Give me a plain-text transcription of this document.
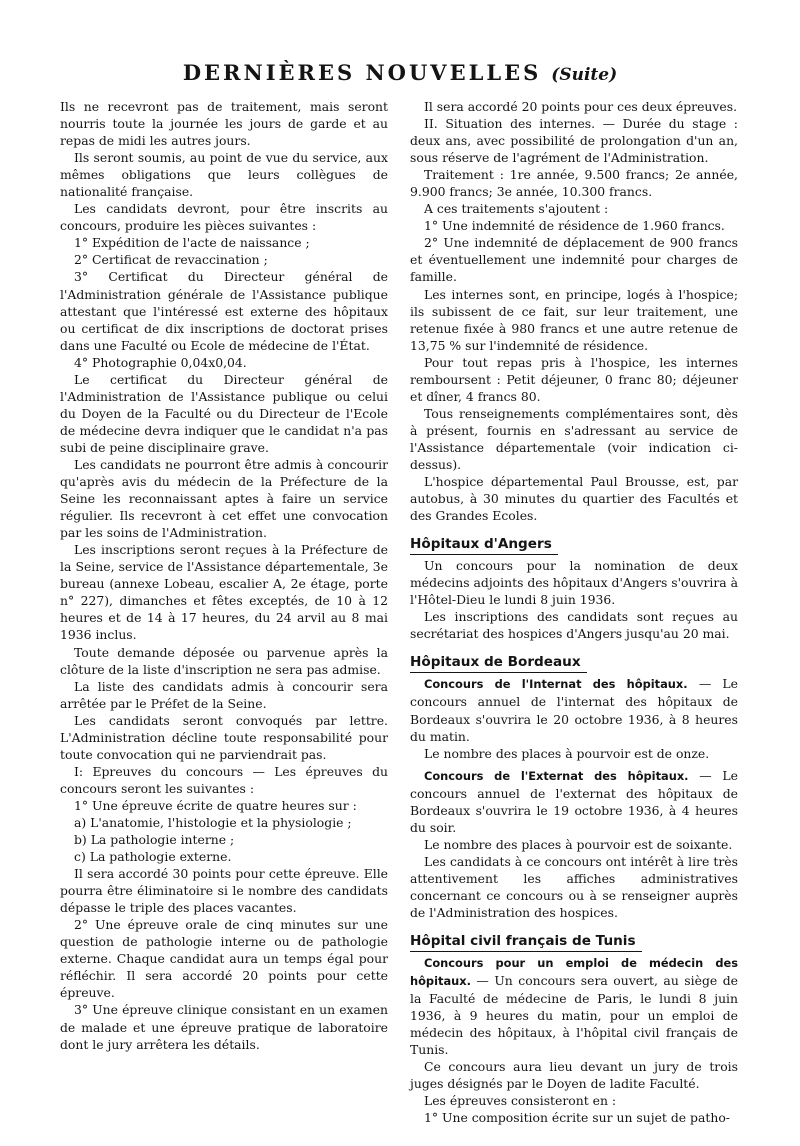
DERNIÈRES NOUVELLES (Suite)

Ils ne recevront pas de traitement, mais seront nourris toute la journée les jours de garde et au repas de midi les autres jours.

Ils seront soumis, au point de vue du service, aux mêmes obligations que leurs collègues de nationalité française.

Les candidats devront, pour être inscrits au concours, produire les pièces suivantes :

1° Expédition de l'acte de naissance ;

2° Certificat de revaccination ;

3° Certificat du Directeur général de l'Administration générale de l'Assistance publique attestant que l'intéressé est externe des hôpitaux ou certificat de dix inscriptions de doctorat prises dans une Faculté ou Ecole de médecine de l'État.

4° Photographie 0,04x0,04.

Le certificat du Directeur général de l'Administration de l'Assistance publique ou celui du Doyen de la Faculté ou du Directeur de l'Ecole de médecine devra indiquer que le candidat n'a pas subi de peine disciplinaire grave.

Les candidats ne pourront être admis à concourir qu'après avis du médecin de la Préfecture de la Seine les reconnaissant aptes à faire un service régulier. Ils recevront à cet effet une convocation par les soins de l'Administration.

Les inscriptions seront reçues à la Préfecture de la Seine, service de l'Assistance départementale, 3e bureau (annexe Lobeau, escalier A, 2e étage, porte n° 227), dimanches et fêtes exceptés, de 10 à 12 heures et de 14 à 17 heures, du 24 arvil au 8 mai 1936 inclus.

Toute demande déposée ou parvenue après la clôture de la liste d'inscription ne sera pas admise.

La liste des candidats admis à concourir sera arrêtée par le Préfet de la Seine.

Les candidats seront convoqués par lettre. L'Administration décline toute responsabilité pour toute convocation qui ne parviendrait pas.

I: Epreuves du concours — Les épreuves du concours seront les suivantes :

1° Une épreuve écrite de quatre heures sur :

a) L'anatomie, l'histologie et la physiologie ;

b) La pathologie interne ;

c) La pathologie externe.

Il sera accordé 30 points pour cette épreuve. Elle pourra être éliminatoire si le nombre des candidats dépasse le triple des places vacantes.

2° Une épreuve orale de cinq minutes sur une question de pathologie interne ou de pathologie externe. Chaque candidat aura un temps égal pour réfléchir. Il sera accordé 20 points pour cette épreuve.

3° Une épreuve clinique consistant en un examen de malade et une épreuve pratique de laboratoire dont le jury arrêtera les détails.

Il sera accordé 20 points pour ces deux épreuves.

II. Situation des internes. — Durée du stage : deux ans, avec possibilité de prolongation d'un an, sous réserve de l'agrément de l'Administration.

Traitement : 1re année, 9.500 francs; 2e année, 9.900 francs; 3e année, 10.300 francs.

A ces traitements s'ajoutent :

1° Une indemnité de résidence de 1.960 francs.

2° Une indemnité de déplacement de 900 francs et éventuellement une indemnité pour charges de famille.

Les internes sont, en principe, logés à l'hospice; ils subissent de ce fait, sur leur traitement, une retenue fixée à 980 francs et une autre retenue de 13,75 % sur l'indemnité de résidence.

Pour tout repas pris à l'hospice, les internes remboursent : Petit déjeuner, 0 franc 80; déjeuner et dîner, 4 francs 80.

Tous renseignements complémentaires sont, dès à présent, fournis en s'adressant au service de l'Assistance départementale (voir indication ci-dessus).

L'hospice départemental Paul Brousse, est, par autobus, à 30 minutes du quartier des Facultés et des Grandes Ecoles.

Hôpitaux d'Angers

Un concours pour la nomination de deux médecins adjoints des hôpitaux d'Angers s'ouvrira à l'Hôtel-Dieu le lundi 8 juin 1936.

Les inscriptions des candidats sont reçues au secrétariat des hospices d'Angers jusqu'au 20 mai.

Hôpitaux de Bordeaux

Concours de l'Internat des hôpitaux. — Le concours annuel de l'internat des hôpitaux de Bordeaux s'ouvrira le 20 octobre 1936, à 8 heures du matin.

Le nombre des places à pourvoir est de onze.

Concours de l'Externat des hôpitaux. — Le concours annuel de l'externat des hôpitaux de Bordeaux s'ouvrira le 19 octobre 1936, à 4 heures du soir.

Le nombre des places à pourvoir est de soixante.

Les candidats à ce concours ont intérêt à lire très attentivement les affiches administratives concernant ce concours ou à se renseigner auprès de l'Administration des hospices.

Hôpital civil français de Tunis

Concours pour un emploi de médecin des hôpitaux. — Un concours sera ouvert, au siège de la Faculté de médecine de Paris, le lundi 8 juin 1936, à 9 heures du matin, pour un emploi de médecin des hôpitaux, à l'hôpital civil français de Tunis.

Ce concours aura lieu devant un jury de trois juges désignés par le Doyen de ladite Faculté.

Les épreuves consisteront en :

1° Une composition écrite sur un sujet de patho-
